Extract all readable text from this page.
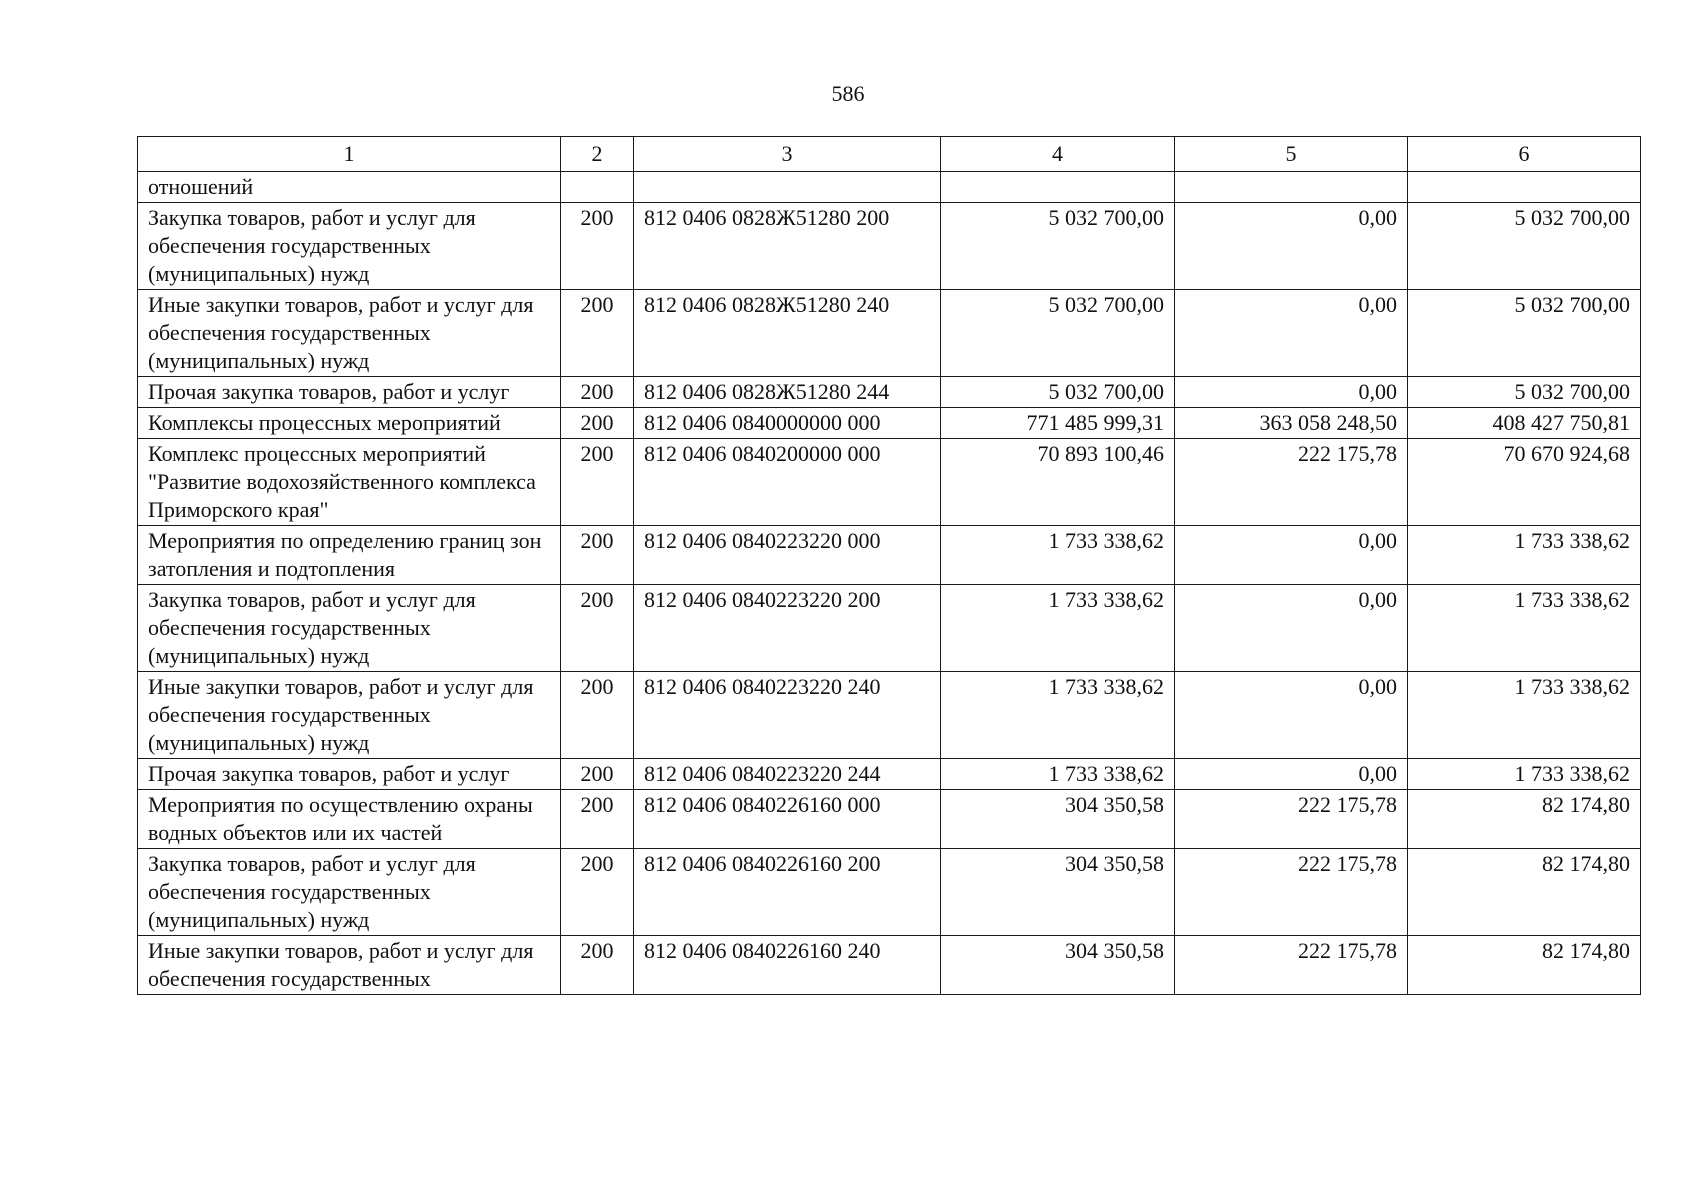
586
1	2	3	4	5	6
отношений					
Закупка товаров, работ и услуг для обеспечения государственных (муниципальных) нужд	200	812 0406 0828Ж51280 200	5 032 700,00	0,00	5 032 700,00
Иные закупки товаров, работ и услуг для обеспечения государственных (муниципальных) нужд	200	812 0406 0828Ж51280 240	5 032 700,00	0,00	5 032 700,00
Прочая закупка товаров, работ и услуг	200	812 0406 0828Ж51280 244	5 032 700,00	0,00	5 032 700,00
Комплексы процессных мероприятий	200	812 0406 0840000000 000	771 485 999,31	363 058 248,50	408 427 750,81
Комплекс процессных мероприятий "Развитие водохозяйственного комплекса Приморского края"	200	812 0406 0840200000 000	70 893 100,46	222 175,78	70 670 924,68
Мероприятия по определению границ зон затопления и подтопления	200	812 0406 0840223220 000	1 733 338,62	0,00	1 733 338,62
Закупка товаров, работ и услуг для обеспечения государственных (муниципальных) нужд	200	812 0406 0840223220 200	1 733 338,62	0,00	1 733 338,62
Иные закупки товаров, работ и услуг для обеспечения государственных (муниципальных) нужд	200	812 0406 0840223220 240	1 733 338,62	0,00	1 733 338,62
Прочая закупка товаров, работ и услуг	200	812 0406 0840223220 244	1 733 338,62	0,00	1 733 338,62
Мероприятия по осуществлению охраны водных объектов или их частей	200	812 0406 0840226160 000	304 350,58	222 175,78	82 174,80
Закупка товаров, работ и услуг для обеспечения государственных (муниципальных) нужд	200	812 0406 0840226160 200	304 350,58	222 175,78	82 174,80
Иные закупки товаров, работ и услуг для обеспечения государственных	200	812 0406 0840226160 240	304 350,58	222 175,78	82 174,80
